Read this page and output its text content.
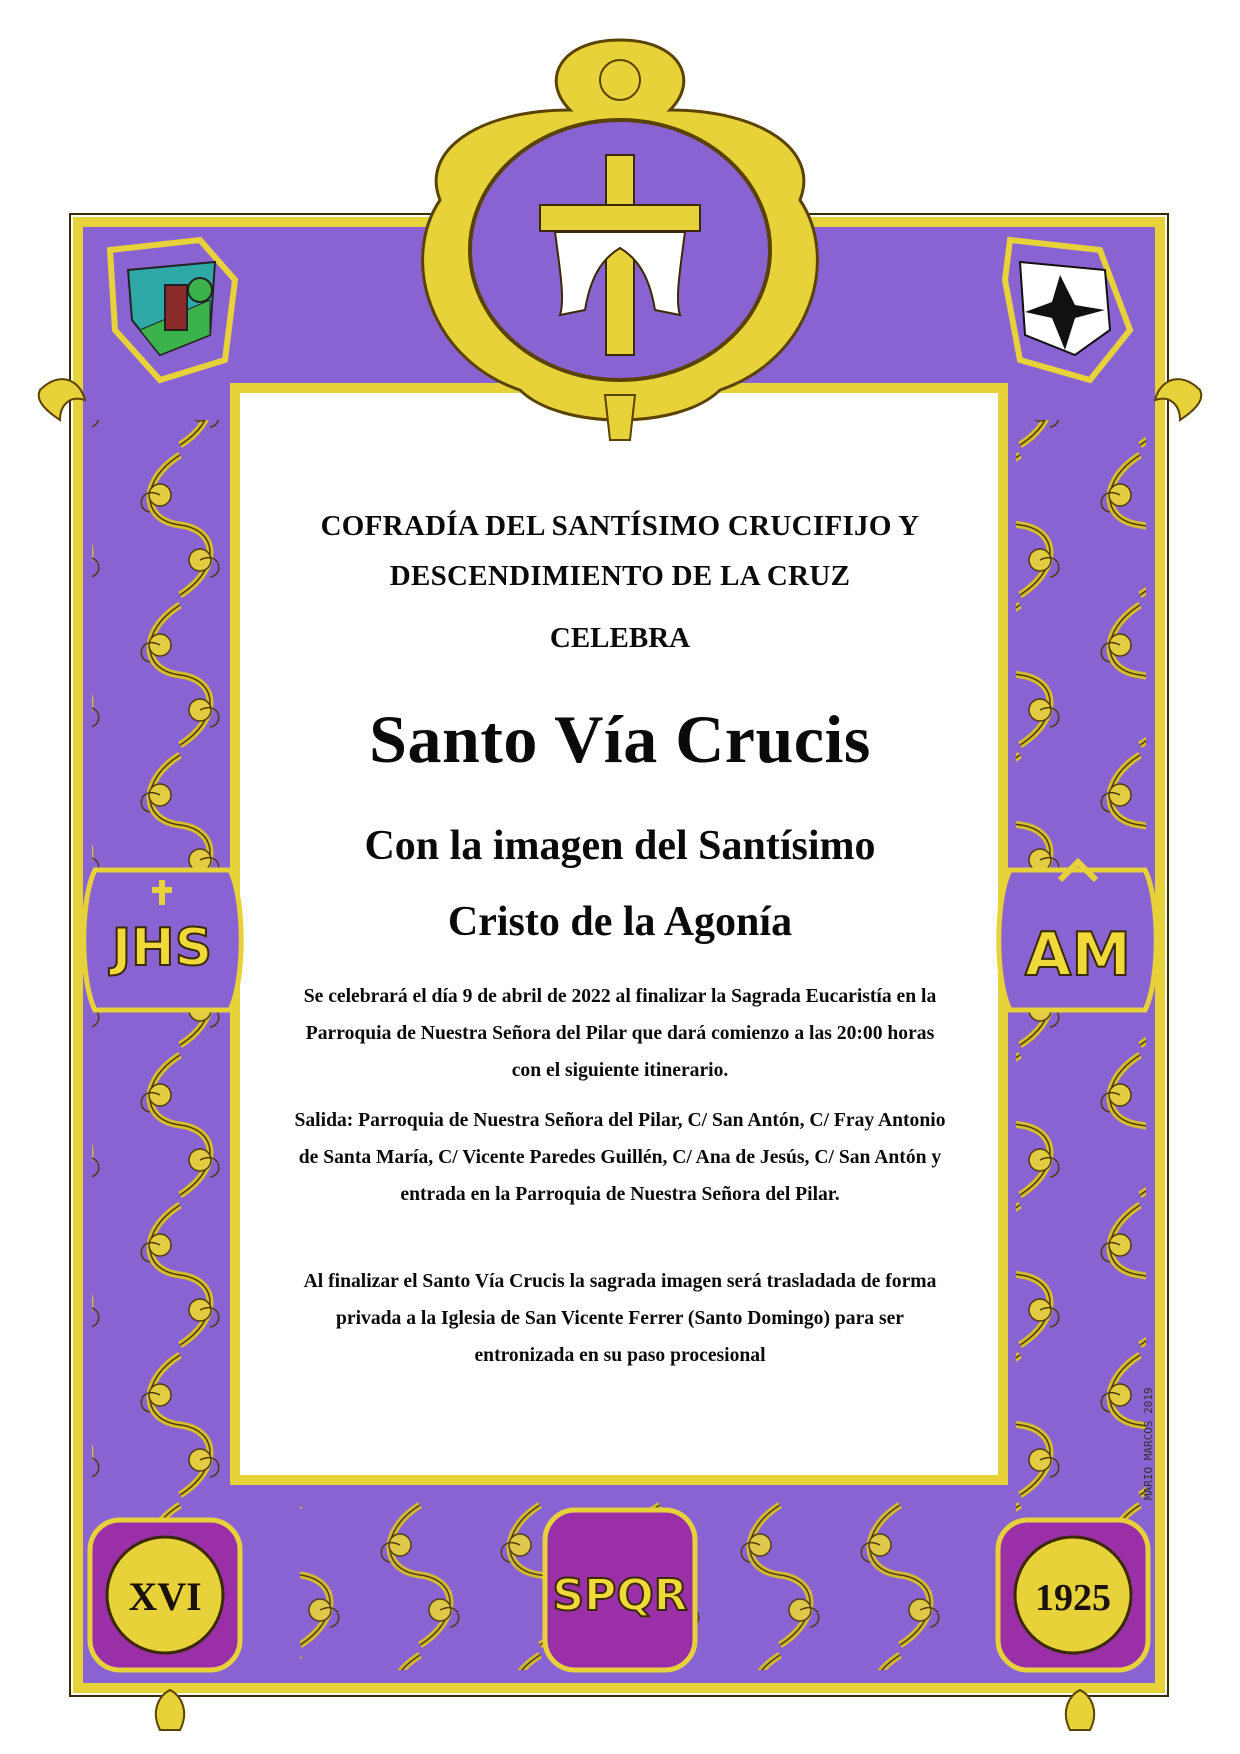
JHS	AM
XVI	SPQR	1925
MARIO MARCOS 2019
COFRADÍA DEL SANTÍSIMO CRUCIFIJO Y
DESCENDIMIENTO DE LA CRUZ
CELEBRA
Santo Vía Crucis
Con la imagen del Santísimo
Cristo de la Agonía
Se celebrará el día 9 de abril de 2022 al finalizar la Sagrada Eucaristía en la Parroquia de Nuestra Señora del Pilar que dará comienzo a las 20:00 horas con el siguiente itinerario.
Salida: Parroquia de Nuestra Señora del Pilar, C/ San Antón, C/ Fray Antonio de Santa María, C/ Vicente Paredes Guillén, C/ Ana de Jesús, C/ San Antón y entrada en la Parroquia de Nuestra Señora del Pilar.
Al finalizar el Santo Vía Crucis la sagrada imagen será trasladada de forma privada a la Iglesia de San Vicente Ferrer (Santo Domingo) para ser entronizada en su paso procesional
